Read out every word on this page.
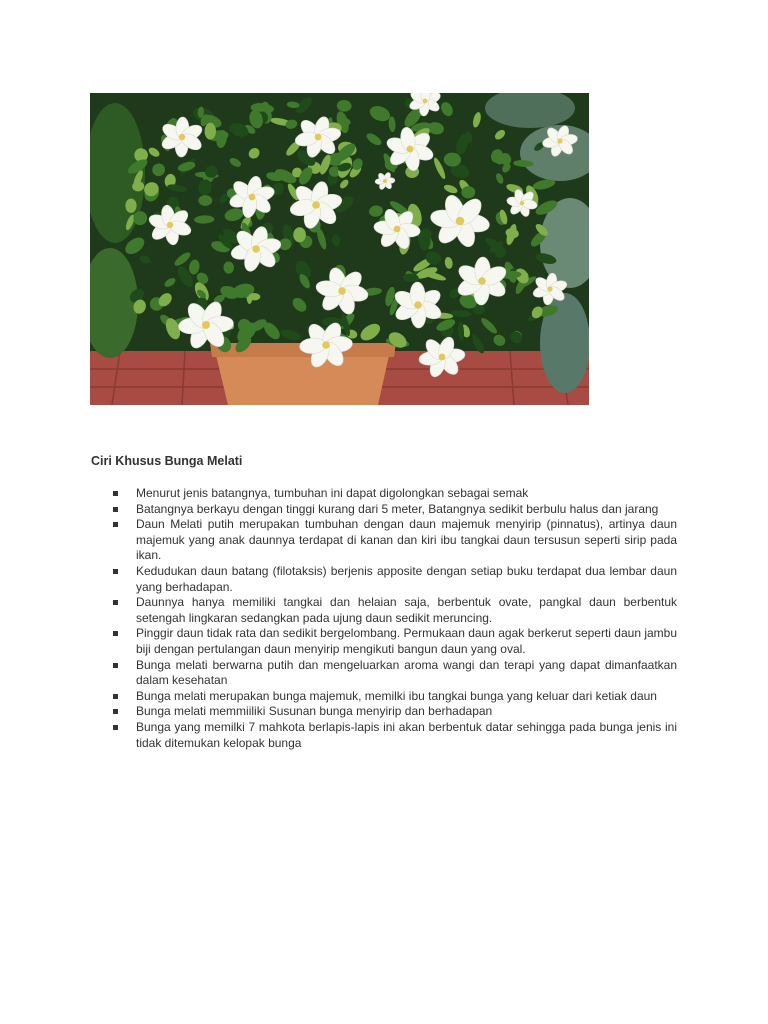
Ciri Khusus Bunga Melati
Menurut jenis batangnya, tumbuhan ini dapat digolongkan sebagai semak
Batangnya berkayu dengan tinggi kurang dari 5 meter, Batangnya sedikit berbulu halus dan jarang
Daun Melati putih merupakan tumbuhan dengan daun majemuk menyirip (pinnatus), artinya daun majemuk yang anak daunnya terdapat di kanan dan kiri ibu tangkai daun tersusun seperti sirip pada ikan.
Kedudukan daun batang (filotaksis) berjenis apposite dengan setiap buku terdapat dua lembar daun yang berhadapan.
Daunnya hanya memiliki tangkai dan helaian saja, berbentuk ovate, pangkal daun berbentuk setengah lingkaran sedangkan pada ujung daun sedikit meruncing.
Pinggir daun tidak rata dan sedikit bergelombang. Permukaan daun agak berkerut seperti daun jambu biji dengan pertulangan daun menyirip mengikuti bangun daun yang oval.
Bunga melati berwarna putih dan mengeluarkan aroma wangi dan terapi yang dapat dimanfaatkan dalam kesehatan
Bunga melati merupakan bunga majemuk, memilki ibu tangkai bunga yang keluar dari ketiak daun
Bunga melati memmiiliki Susunan bunga menyirip dan berhadapan
Bunga yang memilki 7 mahkota berlapis-lapis ini akan berbentuk datar sehingga pada bunga jenis ini tidak ditemukan kelopak bunga
